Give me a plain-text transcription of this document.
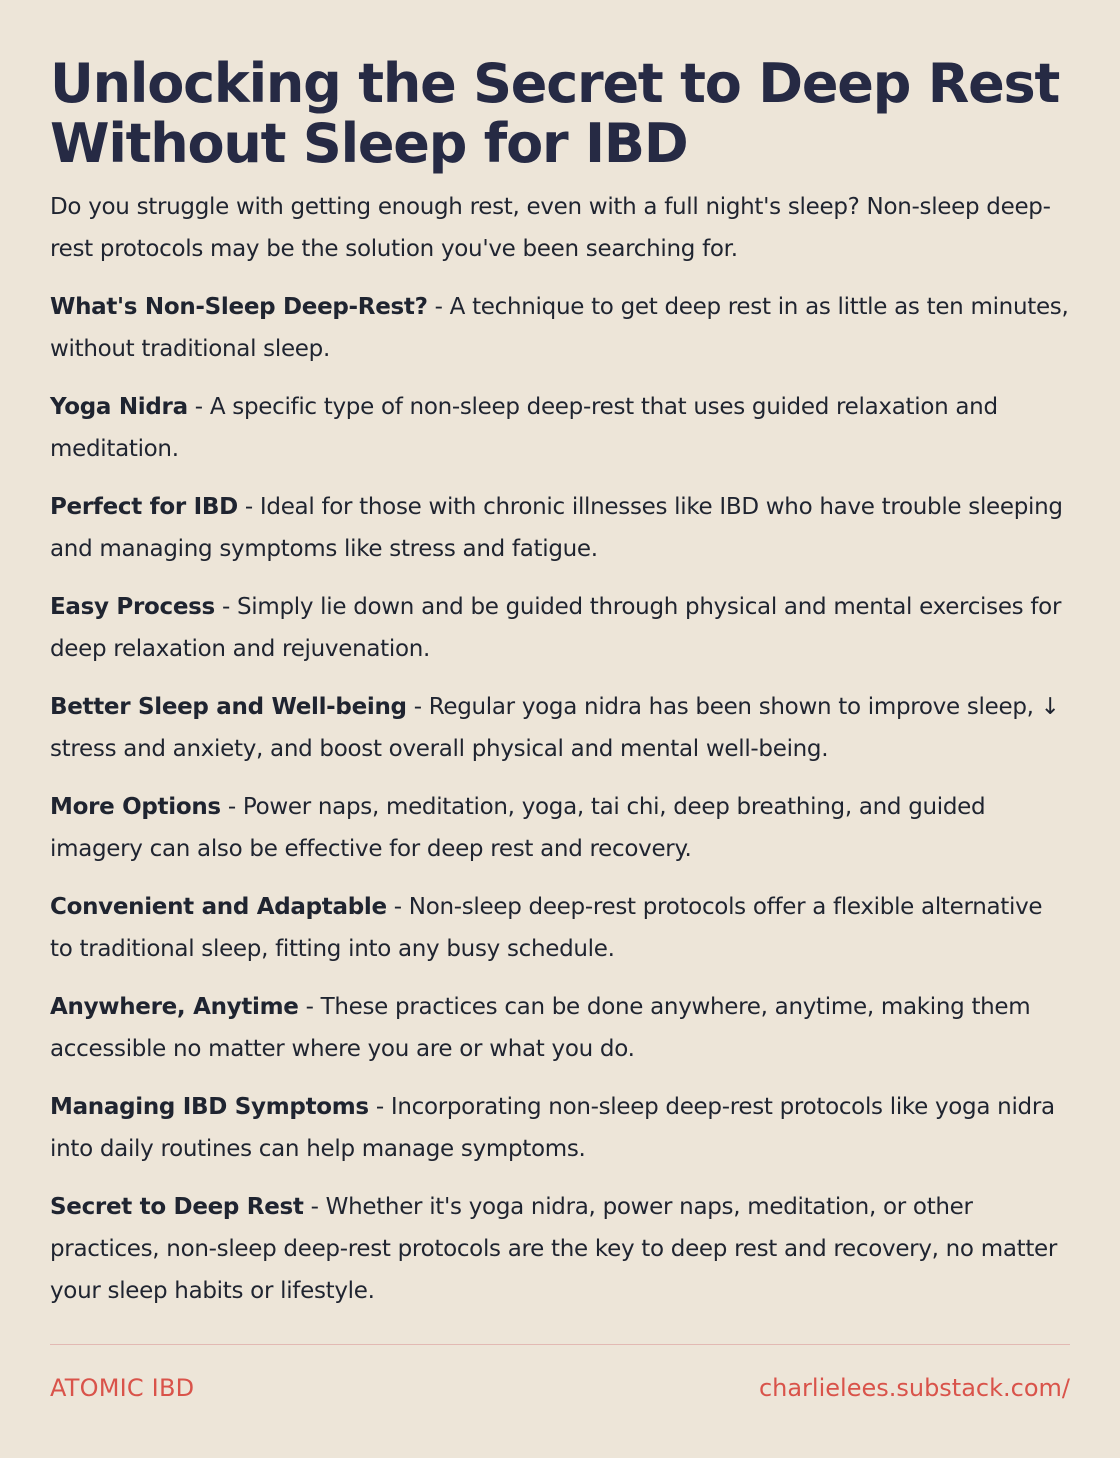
Unlocking the Secret to Deep Rest Without Sleep for IBD

Do you struggle with getting enough rest, even with a full night's sleep? Non-sleep deep-rest protocols may be the solution you've been searching for.

What's Non-Sleep Deep-Rest? - A technique to get deep rest in as little as ten minutes, without traditional sleep.
Yoga Nidra - A specific type of non-sleep deep-rest that uses guided relaxation and meditation.
Perfect for IBD - Ideal for those with chronic illnesses like IBD who have trouble sleeping and managing symptoms like stress and fatigue.
Easy Process - Simply lie down and be guided through physical and mental exercises for deep relaxation and rejuvenation.
Better Sleep and Well-being - Regular yoga nidra has been shown to improve sleep, ↓ stress and anxiety, and boost overall physical and mental well-being.
More Options - Power naps, meditation, yoga, tai chi, deep breathing, and guided imagery can also be effective for deep rest and recovery.
Convenient and Adaptable - Non-sleep deep-rest protocols offer a flexible alternative to traditional sleep, fitting into any busy schedule.
Anywhere, Anytime - These practices can be done anywhere, anytime, making them accessible no matter where you are or what you do.
Managing IBD Symptoms - Incorporating non-sleep deep-rest protocols like yoga nidra into daily routines can help manage symptoms.
Secret to Deep Rest - Whether it's yoga nidra, power naps, meditation, or other practices, non-sleep deep-rest protocols are the key to deep rest and recovery, no matter your sleep habits or lifestyle.
ATOMIC IBD	charlielees.substack.com/
